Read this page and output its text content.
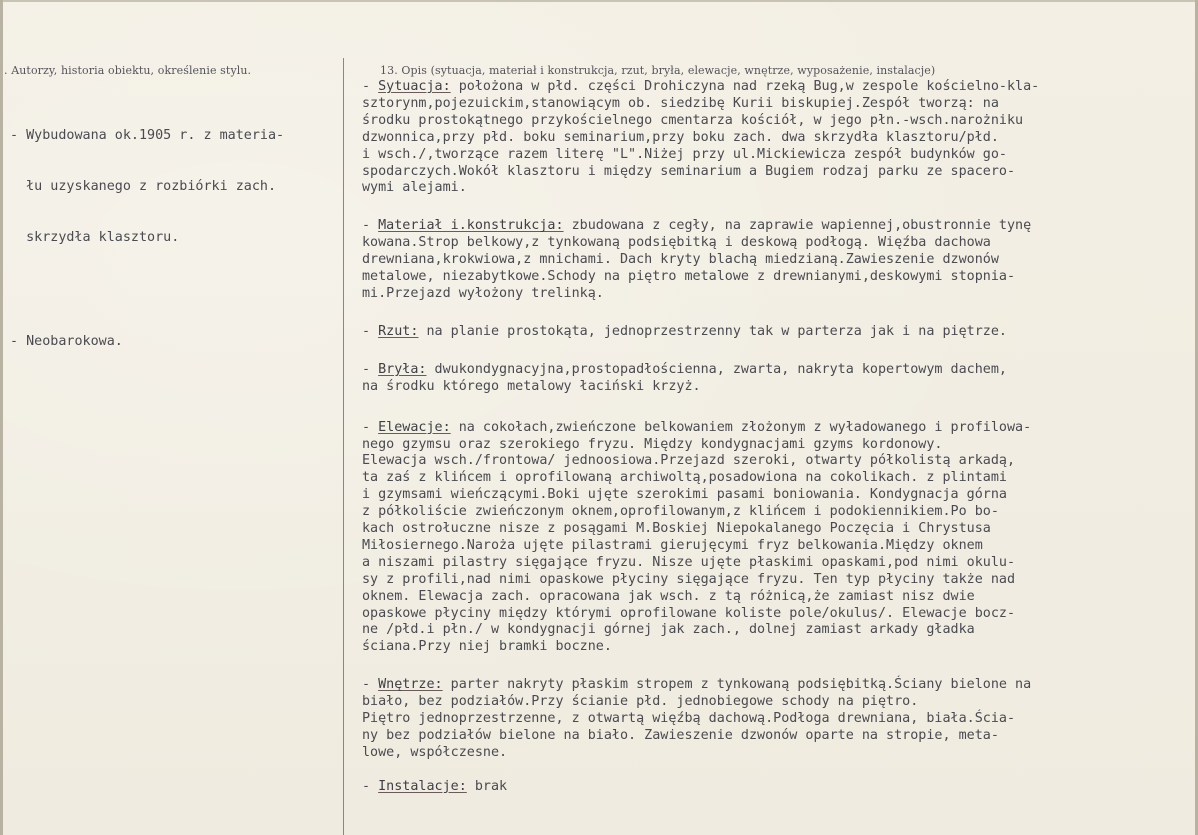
. Autorzy, historia obiektu, określenie stylu.	13. Opis (sytuacja, materiał i konstrukcja, rzut, bryła, elewacje, wnętrze, wyposażenie, instalacje)

- Wybudowana ok.1905 r. z materia-

łu uzyskanego z rozbiórki zach.

skrzydła klasztoru.

- Neobarokowa.

- Sytuacja: położona w płd. części Drohiczyna nad rzeką Bug,w zespole kościelno-kla-
sztorynm,pojezuickim,stanowiącym ob. siedzibę Kurii biskupiej.Zespół tworzą: na
środku prostokątnego przykościelnego cmentarza kościół, w jego płn.-wsch.narożniku
dzwonnica,przy płd. boku seminarium,przy boku zach. dwa skrzydła klasztoru/płd.
i wsch./,tworzące razem literę "L".Niżej przy ul.Mickiewicza zespół budynków go-
spodarczych.Wokół klasztoru i między seminarium a Bugiem rodzaj parku ze spacero-
wymi alejami.
- Materiał i.konstrukcja: zbudowana z cegły, na zaprawie wapiennej,obustronnie tynę
kowana.Strop belkowy,z tynkowaną podsiębitką i deskową podłogą. Więźba dachowa
drewniana,krokwiowa,z mnichami. Dach kryty blachą miedzianą.Zawieszenie dzwonów
metalowe, niezabytkowe.Schody na piętro metalowe z drewnianymi,deskowymi stopnia-
mi.Przejazd wyłożony trelinką.
- Rzut: na planie prostokąta, jednoprzestrzenny tak w parterza jak i na piętrze.
- Bryła: dwukondygnacyjna,prostopadłościenna, zwarta, nakryta kopertowym dachem,
na środku którego metalowy łaciński krzyż.
- Elewacje: na cokołach,zwieńczone belkowaniem złożonym z wyładowanego i profilowa-
nego gzymsu oraz szerokiego fryzu. Między kondygnacjami gzyms kordonowy.
Elewacja wsch./frontowa/ jednoosiowa.Przejazd szeroki, otwarty półkolistą arkadą,
ta zaś z klińcem i oprofilowaną archiwoltą,posadowiona na cokolikach. z plintami
i gzymsami wieńczącymi.Boki ujęte szerokimi pasami boniowania. Kondygnacja górna
z półkoliście zwieńczonym oknem,oprofilowanym,z klińcem i podokiennikiem.Po bo-
kach ostrołuczne nisze z posągami M.Boskiej Niepokalanego Poczęcia i Chrystusa
Miłosiernego.Naroża ujęte pilastrami gierujęcymi fryz belkowania.Między oknem
a niszami pilastry sięgające fryzu. Nisze ujęte płaskimi opaskami,pod nimi okulu-
sy z profili,nad nimi opaskowe płyciny sięgające fryzu. Ten typ płyciny także nad
oknem. Elewacja zach. opracowana jak wsch. z tą różnicą,że zamiast nisz dwie
opaskowe płyciny między którymi oprofilowane koliste pole/okulus/. Elewacje bocz-
ne /płd.i płn./ w kondygnacji górnej jak zach., dolnej zamiast arkady gładka
ściana.Przy niej bramki boczne.
- Wnętrze: parter nakryty płaskim stropem z tynkowaną podsiębitką.Ściany bielone na
biało, bez podziałów.Przy ścianie płd. jednobiegowe schody na piętro.
Piętro jednoprzestrzenne, z otwartą więźbą dachową.Podłoga drewniana, biała.Ścia-
ny bez podziałów bielone na biało. Zawieszenie dzwonów oparte na stropie, meta-
lowe, współczesne.
- Instalacje: brak
